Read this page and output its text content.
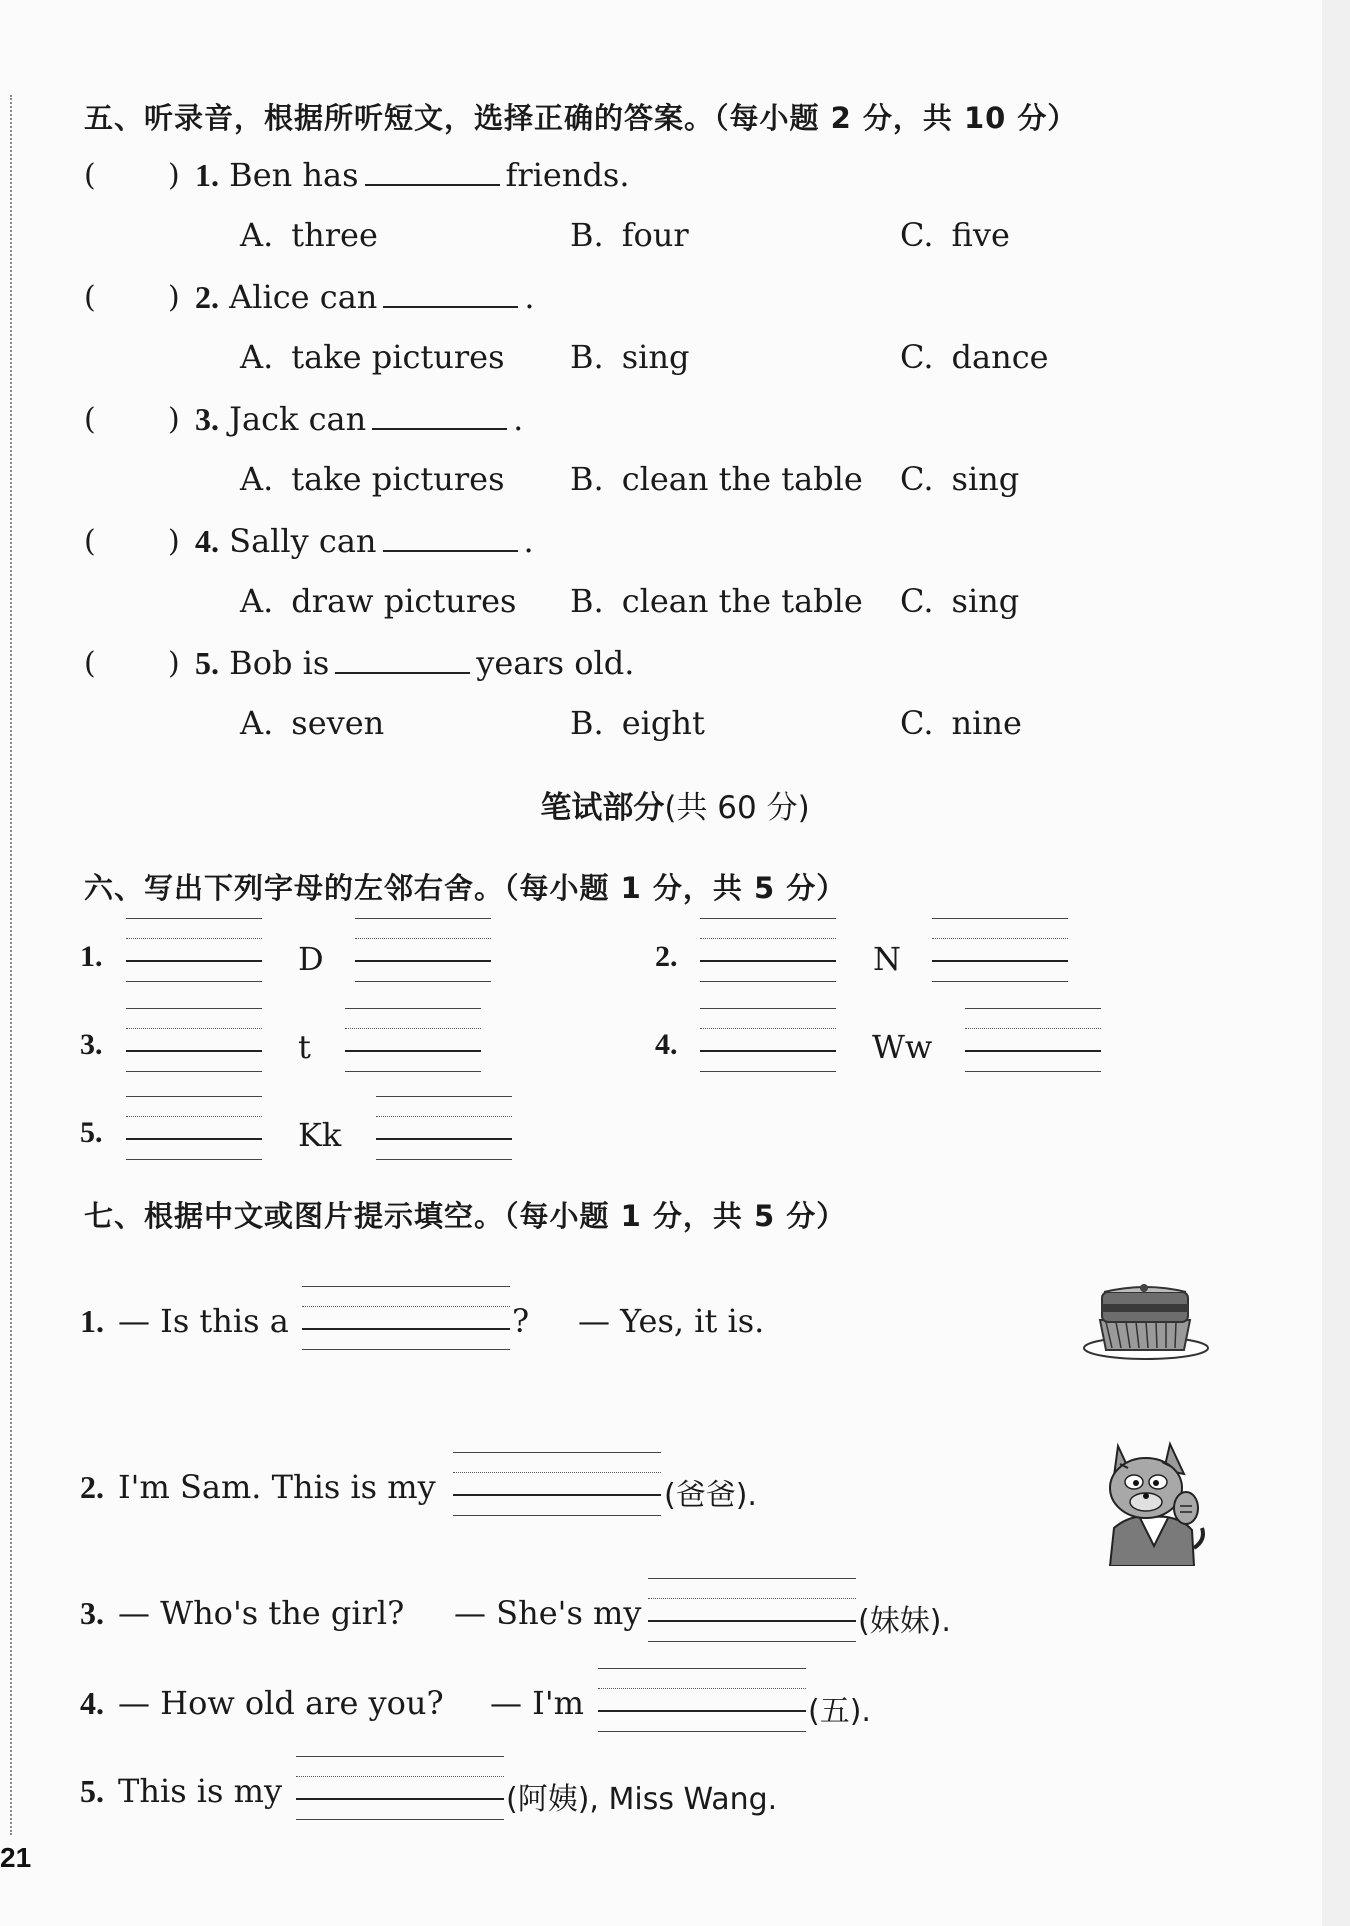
五、听录音，根据所听短文，选择正确的答案。（每小题 2 分，共 10 分）
( ) 1. Ben has	friends.
A. three	B. four	C. five
( ) 2. Alice can	.
A. take pictures B. sing	C. dance
( ) 3. Jack can	.
A. take pictures B. clean the table C. sing
( ) 4. Sally can	.
A. draw pictures B. clean the table C. sing
( ) 5. Bob is	years old.
A. seven	B. eight	C. nine
笔试部分(共 60 分)
六、写出下列字母的左邻右舍。（每小题 1 分，共 5 分）
1.	D	2.	N
3.	t	4.	Ww
5.	Kk
七、根据中文或图片提示填空。（每小题 1 分，共 5 分）
1. — Is this a	? — Yes, it is.
2. I'm Sam. This is my	(爸爸).
3. — Who's the girl? — She's my	(妹妹).
4. — How old are you? — I'm	(五).
5. This is my	(阿姨), Miss Wang.
21
